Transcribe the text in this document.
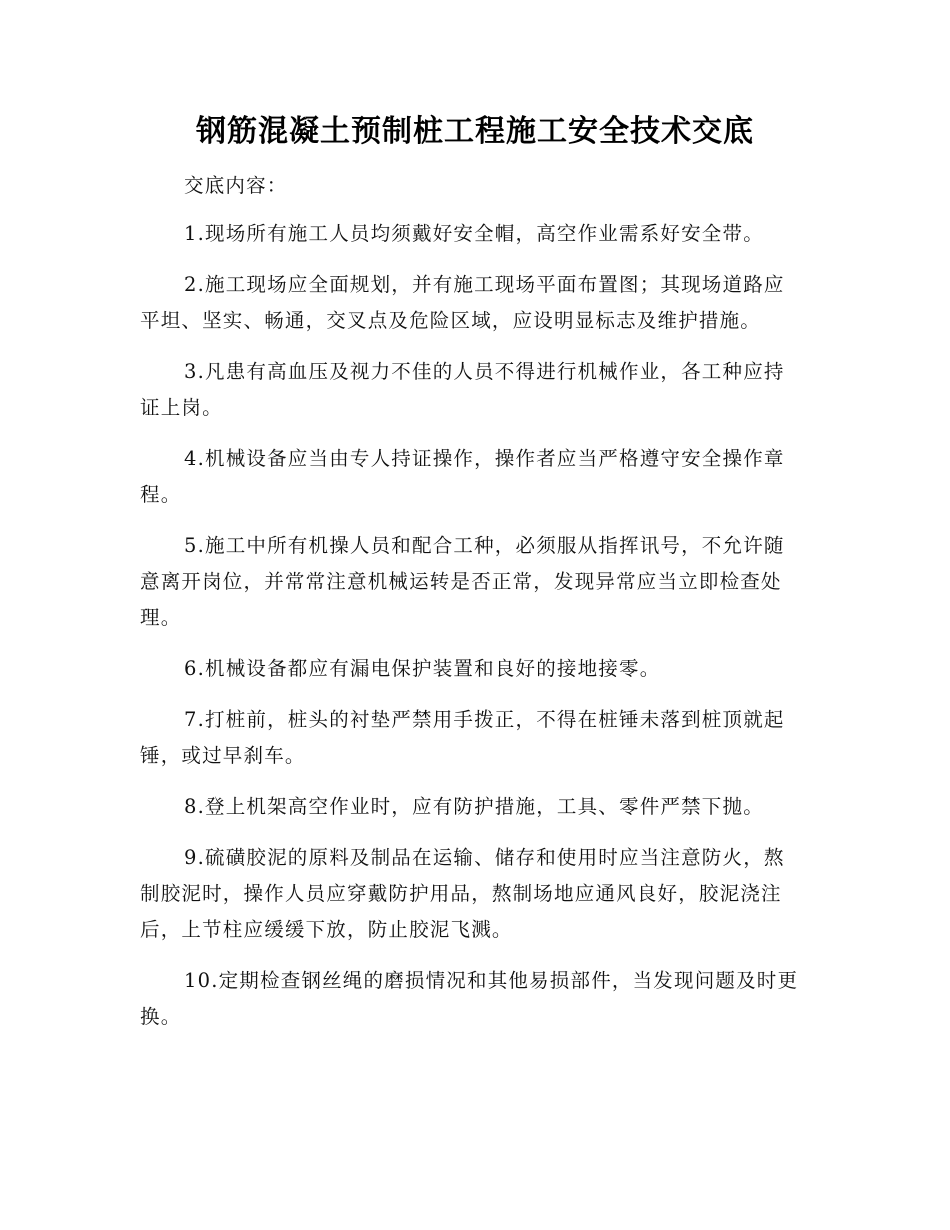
钢筋混凝土预制桩工程施工安全技术交底

交底内容：

1.现场所有施工人员均须戴好安全帽，高空作业需系好安全带。

2.施工现场应全面规划，并有施工现场平面布置图；其现场道路应平坦、坚实、畅通，交叉点及危险区域，应设明显标志及维护措施。

3.凡患有高血压及视力不佳的人员不得进行机械作业，各工种应持证上岗。

4.机械设备应当由专人持证操作，操作者应当严格遵守安全操作章程。

5.施工中所有机操人员和配合工种，必须服从指挥讯号，不允许随意离开岗位，并常常注意机械运转是否正常，发现异常应当立即检查处理。

6.机械设备都应有漏电保护装置和良好的接地接零。

7.打桩前，桩头的衬垫严禁用手拨正，不得在桩锤未落到桩顶就起锤，或过早刹车。

8.登上机架高空作业时，应有防护措施，工具、零件严禁下抛。

9.硫磺胶泥的原料及制品在运输、储存和使用时应当注意防火，熬制胶泥时，操作人员应穿戴防护用品，熬制场地应通风良好，胶泥浇注后，上节柱应缓缓下放，防止胶泥飞溅。

10.定期检查钢丝绳的磨损情况和其他易损部件，当发现问题及时更换。
